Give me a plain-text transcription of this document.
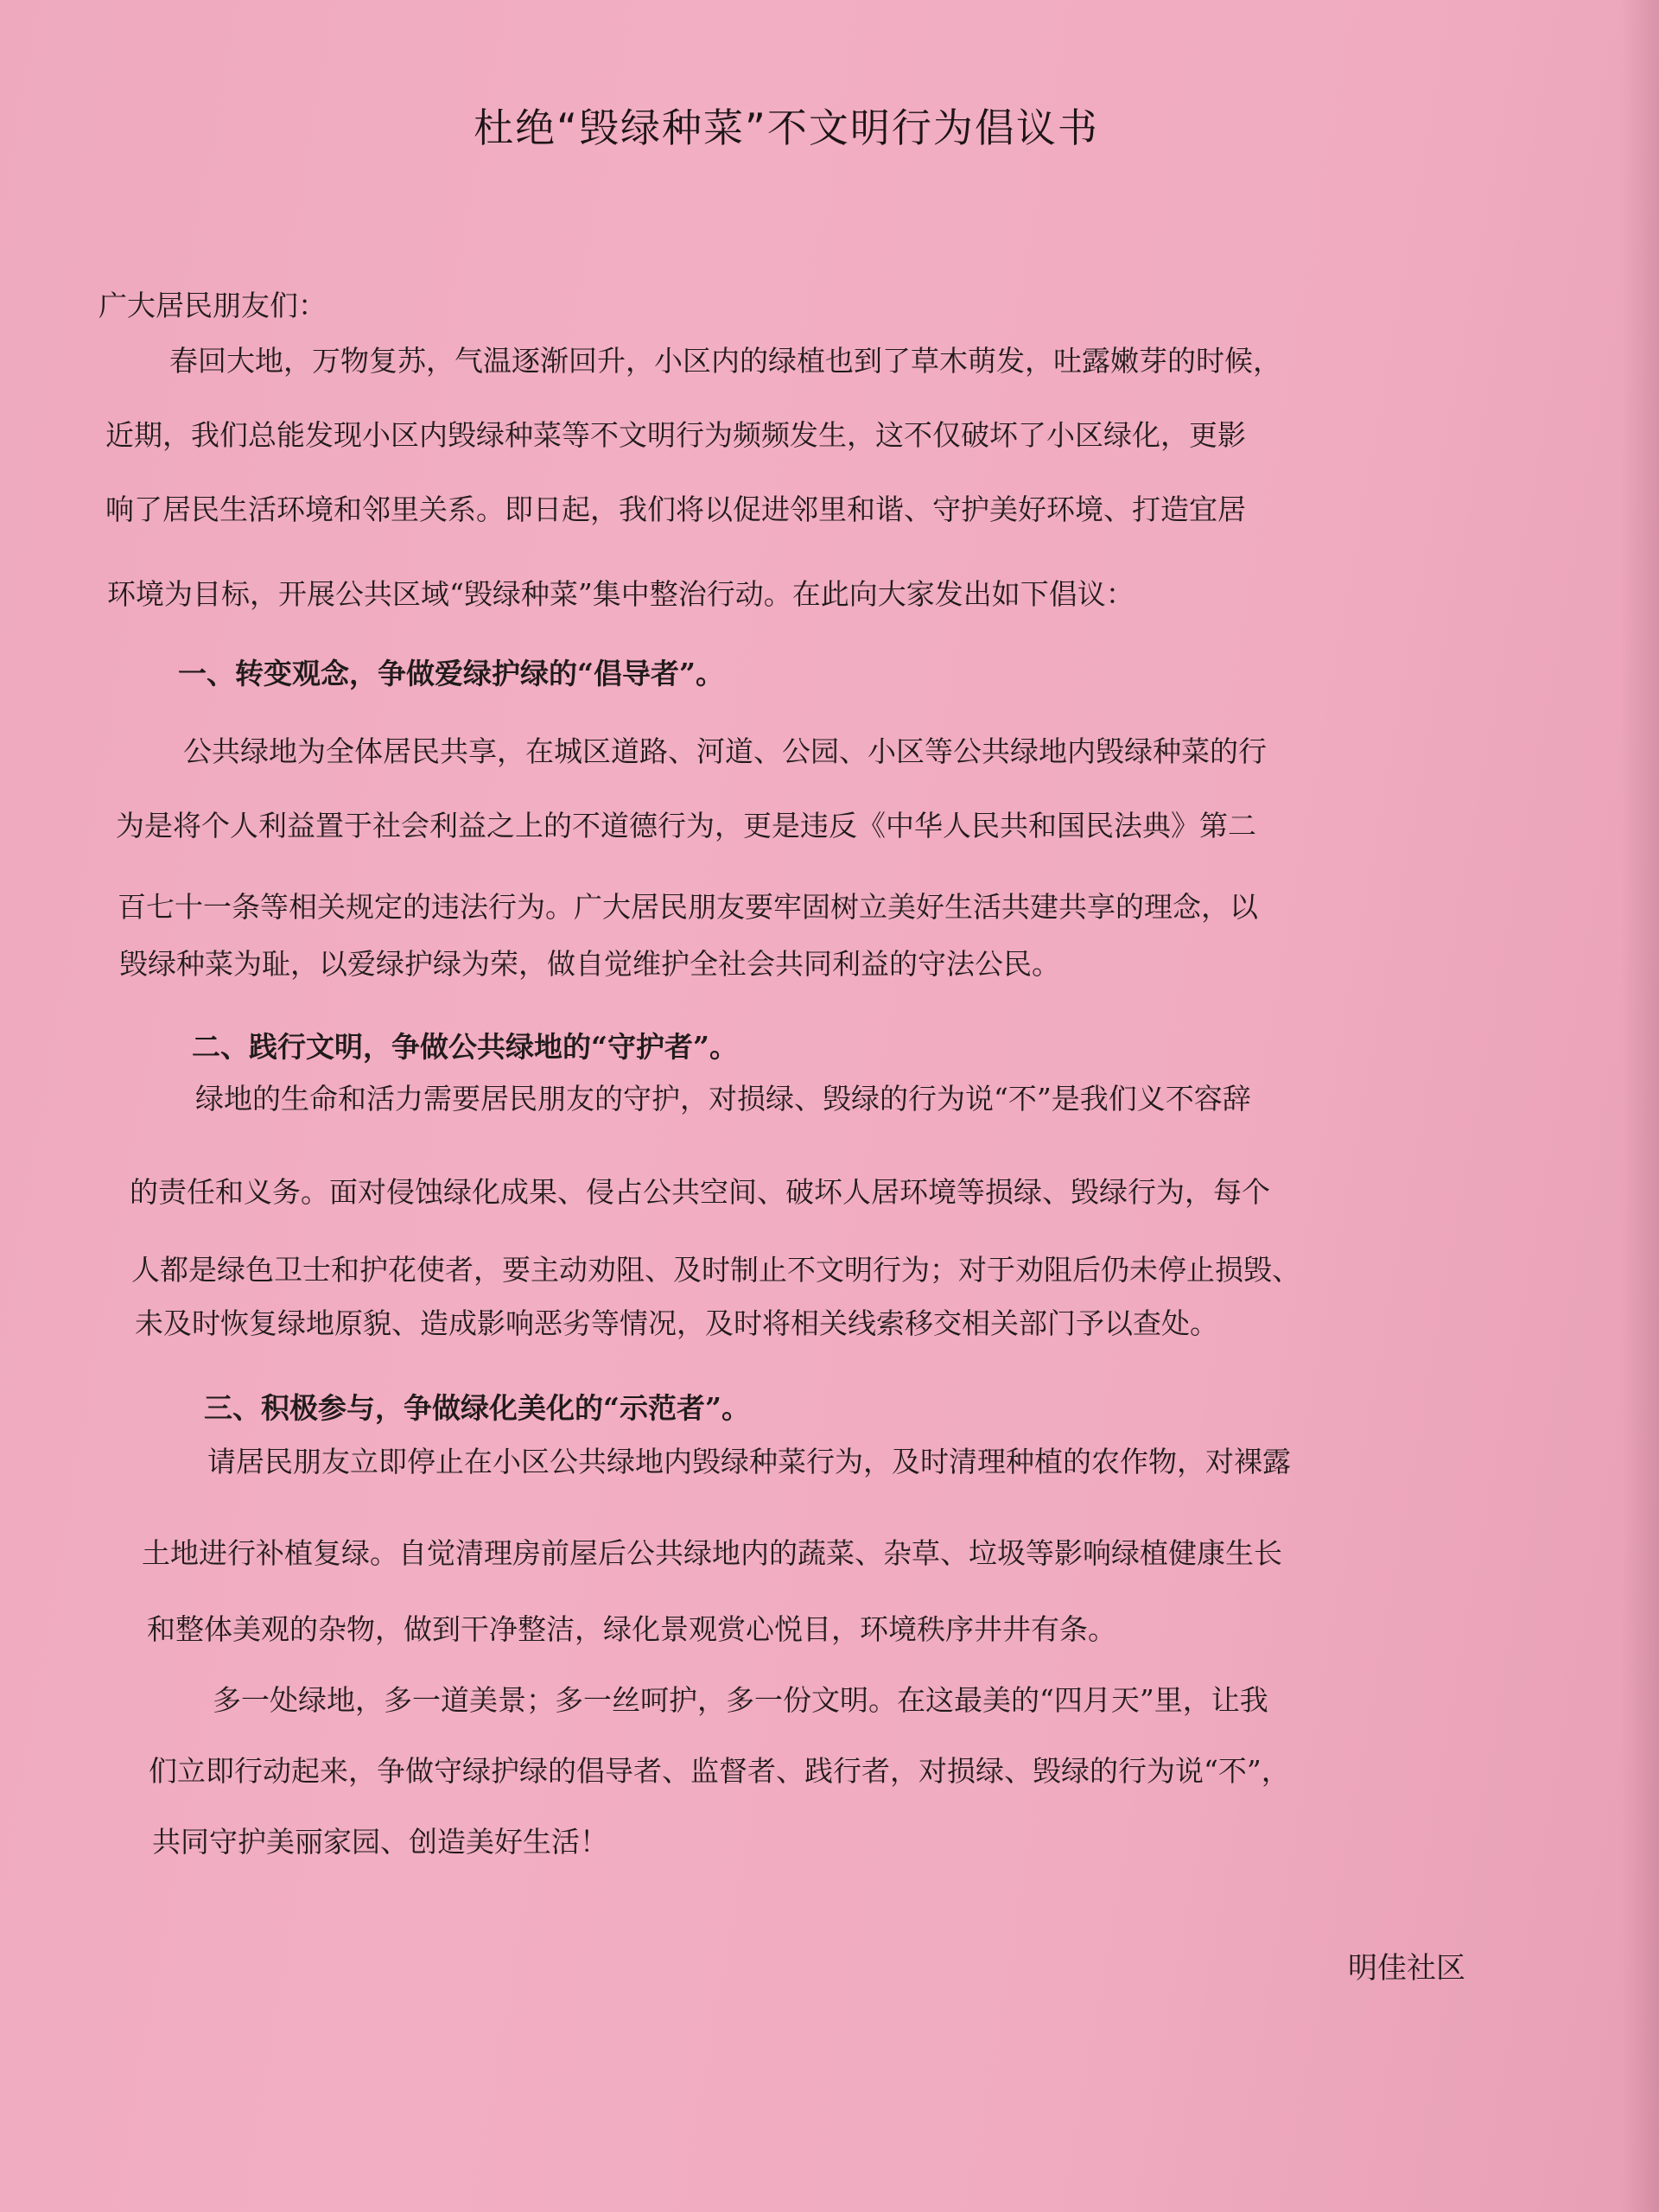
杜绝“毁绿种菜”不文明行为倡议书
广大居民朋友们：
春回大地，万物复苏，气温逐渐回升，小区内的绿植也到了草木萌发，吐露嫩芽的时候，
近期，我们总能发现小区内毁绿种菜等不文明行为频频发生，这不仅破坏了小区绿化，更影
响了居民生活环境和邻里关系。即日起，我们将以促进邻里和谐、守护美好环境、打造宜居
环境为目标，开展公共区域“毁绿种菜”集中整治行动。在此向大家发出如下倡议：
一、转变观念，争做爱绿护绿的“倡导者”。
公共绿地为全体居民共享，在城区道路、河道、公园、小区等公共绿地内毁绿种菜的行
为是将个人利益置于社会利益之上的不道德行为，更是违反《中华人民共和国民法典》第二
百七十一条等相关规定的违法行为。广大居民朋友要牢固树立美好生活共建共享的理念，以
毁绿种菜为耻，以爱绿护绿为荣，做自觉维护全社会共同利益的守法公民。
二、践行文明，争做公共绿地的“守护者”。
绿地的生命和活力需要居民朋友的守护，对损绿、毁绿的行为说“不”是我们义不容辞
的责任和义务。面对侵蚀绿化成果、侵占公共空间、破坏人居环境等损绿、毁绿行为，每个
人都是绿色卫士和护花使者，要主动劝阻、及时制止不文明行为；对于劝阻后仍未停止损毁、
未及时恢复绿地原貌、造成影响恶劣等情况，及时将相关线索移交相关部门予以查处。
三、积极参与，争做绿化美化的“示范者”。
请居民朋友立即停止在小区公共绿地内毁绿种菜行为，及时清理种植的农作物，对裸露
土地进行补植复绿。自觉清理房前屋后公共绿地内的蔬菜、杂草、垃圾等影响绿植健康生长
和整体美观的杂物，做到干净整洁，绿化景观赏心悦目，环境秩序井井有条。
多一处绿地，多一道美景；多一丝呵护，多一份文明。在这最美的“四月天”里，让我
们立即行动起来，争做守绿护绿的倡导者、监督者、践行者，对损绿、毁绿的行为说“不”，
共同守护美丽家园、创造美好生活！
明佳社区
